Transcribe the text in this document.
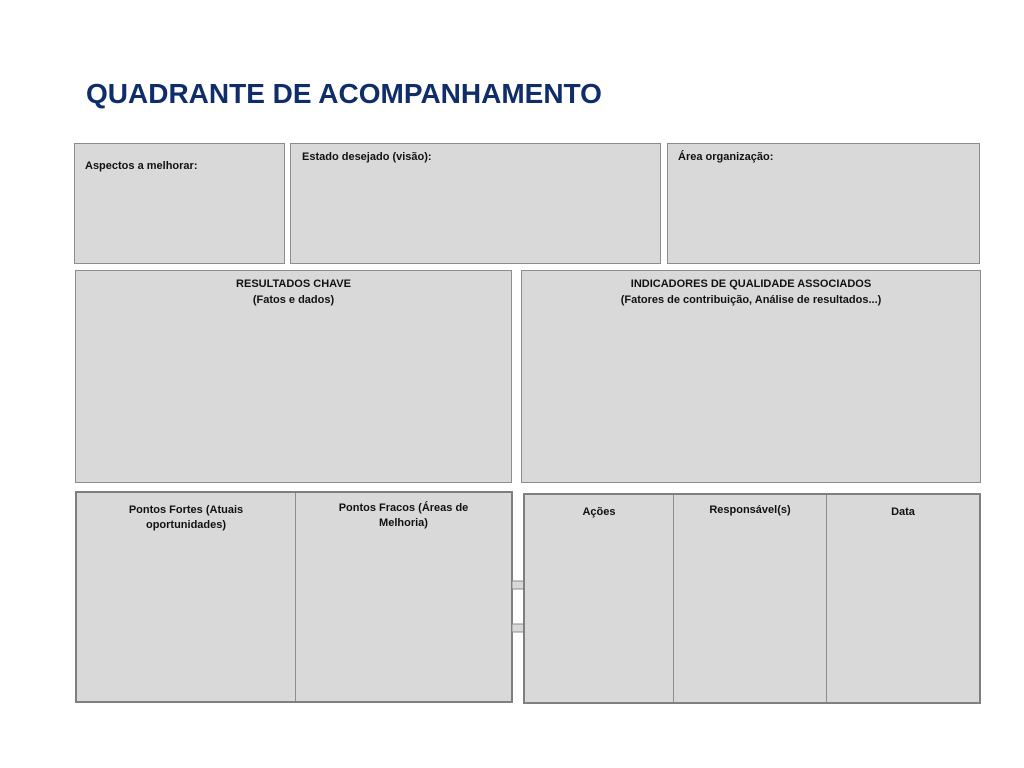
QUADRANTE DE ACOMPANHAMENTO
Aspectos a melhorar:
Estado desejado (visão):	Área organização:
RESULTADOS CHAVE
(Fatos e dados)
INDICADORES DE QUALIDADE ASSOCIADOS
(Fatores de contribuição, Análise de resultados...)
Pontos Fortes (Atuais
oportunidades)
Pontos Fracos (Áreas de
Melhoria)
Ações	Responsável(s)	Data
